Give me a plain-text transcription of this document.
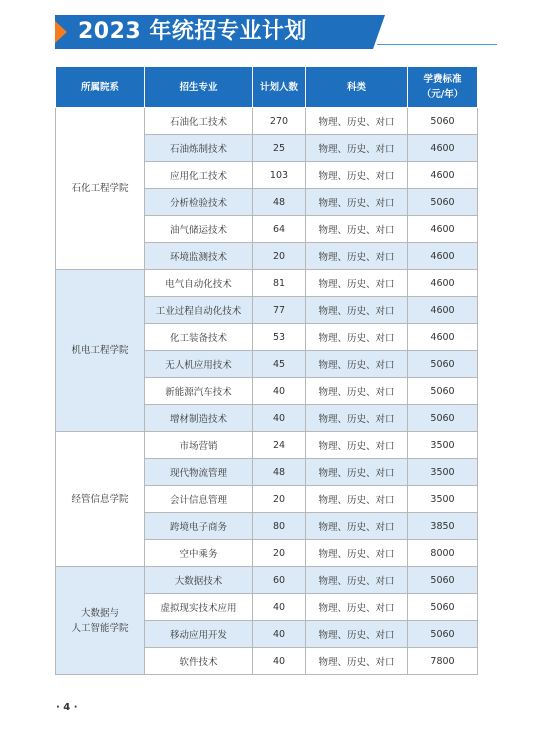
2023 年统招专业计划
所属院系	招生专业	计划人数	科类	学费标准
（元/年）
石化工程学院	石油化工技术	270	物理、历史、对口	5060
	石油炼制技术	25	物理、历史、对口	4600
	应用化工技术	103	物理、历史、对口	4600
	分析检验技术	48	物理、历史、对口	5060
	油气储运技术	64	物理、历史、对口	4600
	环境监测技术	20	物理、历史、对口	4600
机电工程学院	电气自动化技术	81	物理、历史、对口	4600
	工业过程自动化技术	77	物理、历史、对口	4600
	化工装备技术	53	物理、历史、对口	4600
	无人机应用技术	45	物理、历史、对口	5060
	新能源汽车技术	40	物理、历史、对口	5060
	增材制造技术	40	物理、历史、对口	5060
经管信息学院	市场营销	24	物理、历史、对口	3500
	现代物流管理	48	物理、历史、对口	3500
	会计信息管理	20	物理、历史、对口	3500
	跨境电子商务	80	物理、历史、对口	3850
	空中乘务	20	物理、历史、对口	8000
大数据与
人工智能学院	大数据技术	60	物理、历史、对口	5060
	虚拟现实技术应用	40	物理、历史、对口	5060
	移动应用开发	40	物理、历史、对口	5060
	软件技术	40	物理、历史、对口	7800
· 4 ·
